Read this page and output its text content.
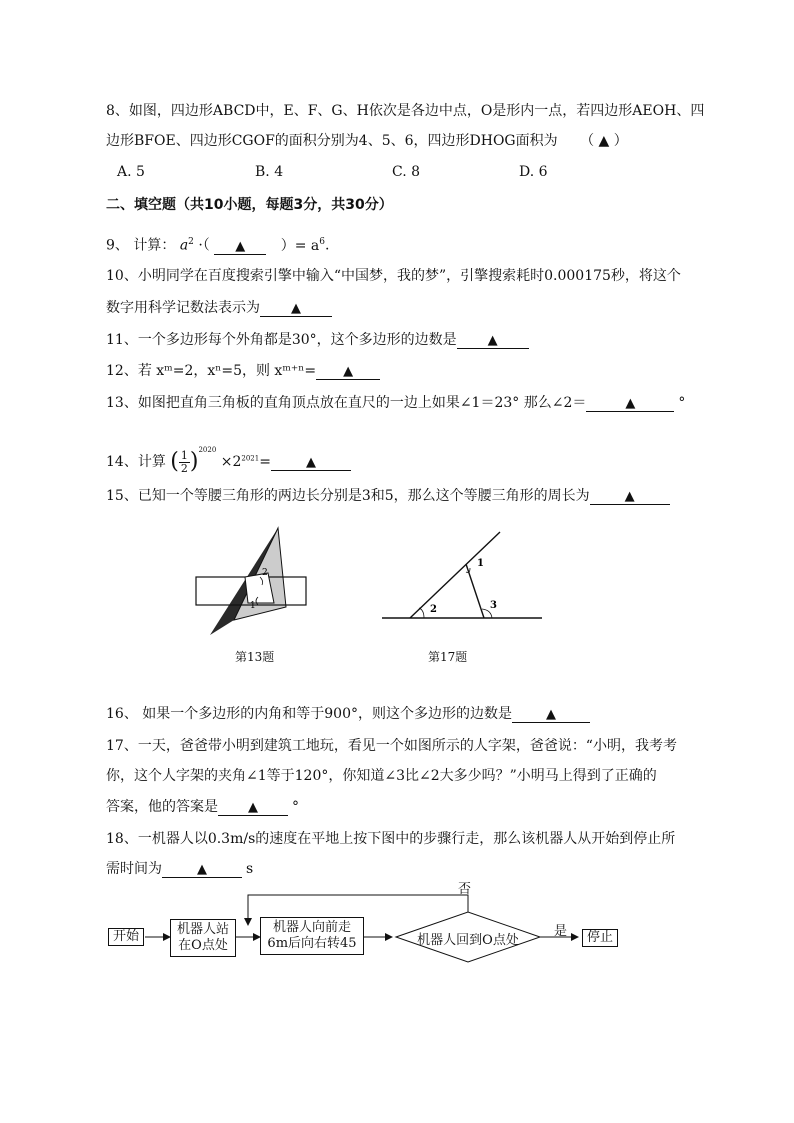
8、如图，四边形ABCD中，E、F、G、H依次是各边中点，O是形内一点，若四边形AEOH、四
边形BFOE、四边形CGOF的面积分别为4、5、6，四边形DHOG面积为 （ ▲ ）
A. 5	B. 4	C. 8	D. 6
二、填空题（共10小题，每题3分，共30分）
9、 计算： $a^2$ ·（ ▲	）= $a^6$.
10、小明同学在百度搜索引擎中输入“中国梦，我的梦”，引擎搜索耗时0.000175秒，将这个
数字用科学记数法表示为 ▲
11、一个多边形每个外角都是30°，这个多边形的边数是 ▲
12、若 xᵐ=2，xⁿ=5，则 xᵐ⁺ⁿ= ▲
13、如图把直角三角板的直角顶点放在直尺的一边上如果∠1＝23° 那么∠2＝	▲	°
14、计算 ( $\frac{1}{2} )^{2020} \times 2^{2021}=$	▲
15、已知一个等腰三角形的两边长分别是3和5，那么这个等腰三角形的周长为	▲
2
1
第13题
1
2	3
第17题
16、 如果一个多边形的内角和等于900°，则这个多边形的边数是	▲
17、一天，爸爸带小明到建筑工地玩，看见一个如图所示的人字架，爸爸说：“小明，我考考
你，这个人字架的夹角∠1等于120°，你知道∠3比∠2大多少吗？”小明马上得到了正确的
答案，他的答案是 ▲ °
18、一机器人以0.3m/s的速度在平地上按下图中的步骤行走，那么该机器人从开始到停止所
需时间为	▲	s
开始	机器人站
在O点处
机器人向前走
6m后向右转45	机器人回到O点处
否
是	停止
